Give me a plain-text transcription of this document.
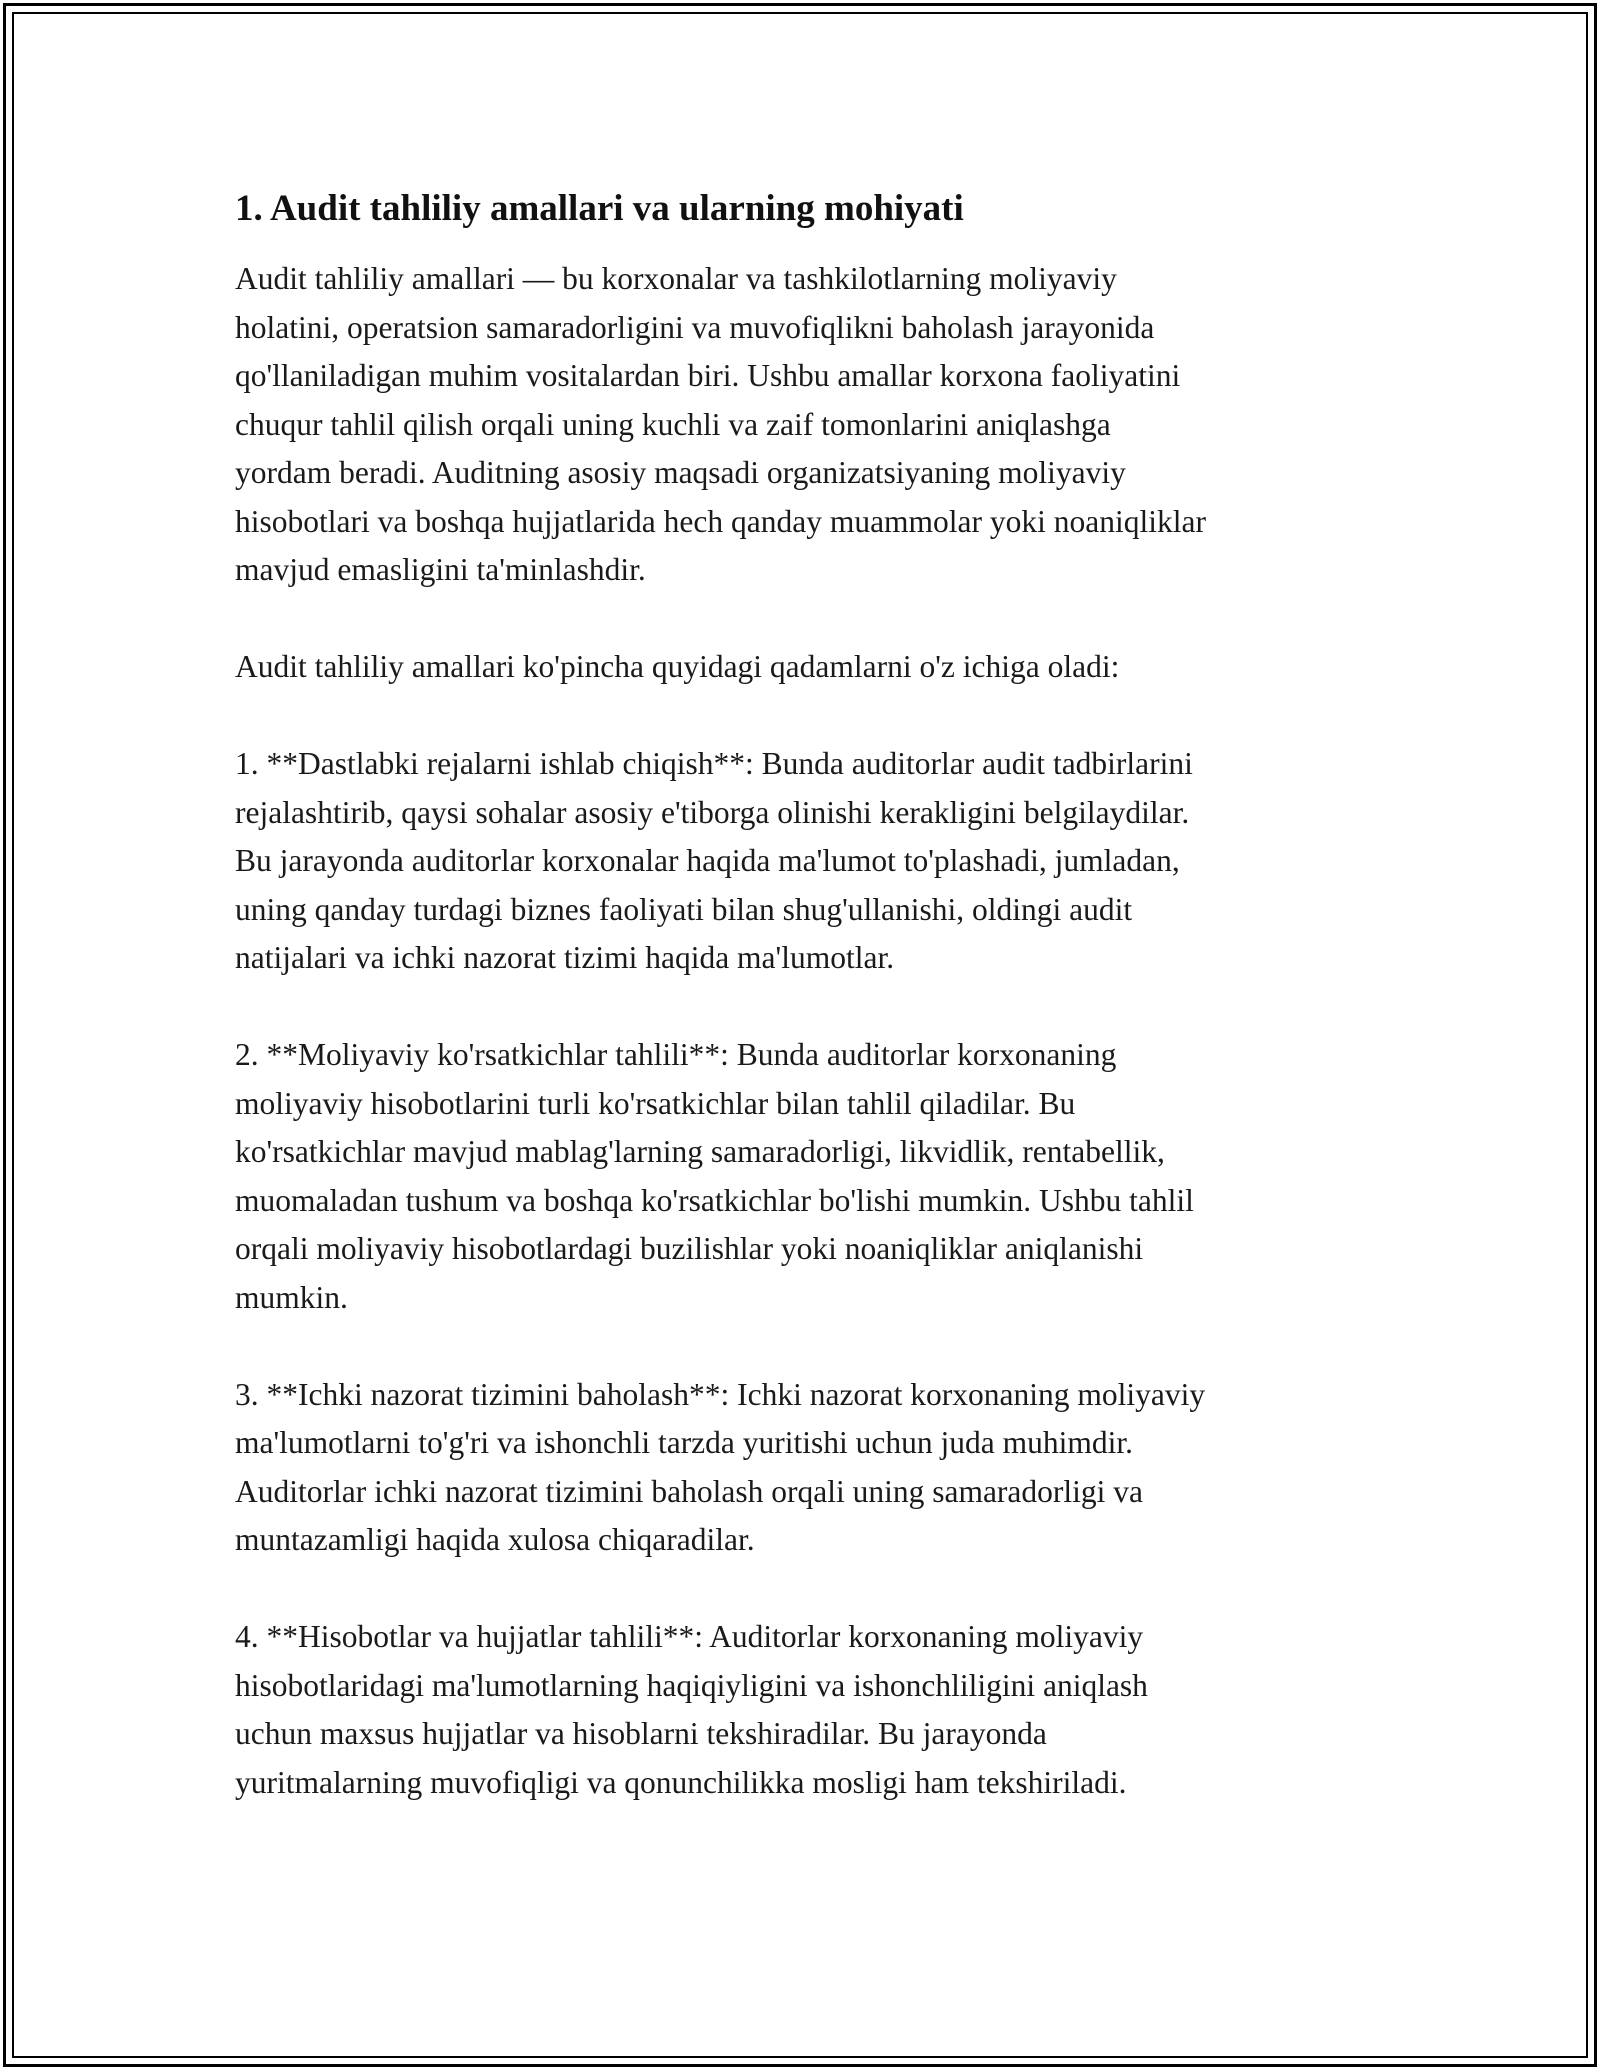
1. Audit tahliliy amallari va ularning mohiyati

Audit tahliliy amallari — bu korxonalar va tashkilotlarning moliyaviy
holatini, operatsion samaradorligini va muvofiqlikni baholash jarayonida
qo'llaniladigan muhim vositalardan biri. Ushbu amallar korxona faoliyatini
chuqur tahlil qilish orqali uning kuchli va zaif tomonlarini aniqlashga
yordam beradi. Auditning asosiy maqsadi organizatsiyaning moliyaviy
hisobotlari va boshqa hujjatlarida hech qanday muammolar yoki noaniqliklar
mavjud emasligini ta'minlashdir.

Audit tahliliy amallari ko'pincha quyidagi qadamlarni o'z ichiga oladi:

1. **Dastlabki rejalarni ishlab chiqish**: Bunda auditorlar audit tadbirlarini
rejalashtirib, qaysi sohalar asosiy e'tiborga olinishi kerakligini belgilaydilar.
Bu jarayonda auditorlar korxonalar haqida ma'lumot to'plashadi, jumladan,
uning qanday turdagi biznes faoliyati bilan shug'ullanishi, oldingi audit
natijalari va ichki nazorat tizimi haqida ma'lumotlar.

2. **Moliyaviy ko'rsatkichlar tahlili**: Bunda auditorlar korxonaning
moliyaviy hisobotlarini turli ko'rsatkichlar bilan tahlil qiladilar. Bu
ko'rsatkichlar mavjud mablag'larning samaradorligi, likvidlik, rentabellik,
muomaladan tushum va boshqa ko'rsatkichlar bo'lishi mumkin. Ushbu tahlil
orqali moliyaviy hisobotlardagi buzilishlar yoki noaniqliklar aniqlanishi
mumkin.

3. **Ichki nazorat tizimini baholash**: Ichki nazorat korxonaning moliyaviy
ma'lumotlarni to'g'ri va ishonchli tarzda yuritishi uchun juda muhimdir.
Auditorlar ichki nazorat tizimini baholash orqali uning samaradorligi va
muntazamligi haqida xulosa chiqaradilar.

4. **Hisobotlar va hujjatlar tahlili**: Auditorlar korxonaning moliyaviy
hisobotlaridagi ma'lumotlarning haqiqiyligini va ishonchliligini aniqlash
uchun maxsus hujjatlar va hisoblarni tekshiradilar. Bu jarayonda
yuritmalarning muvofiqligi va qonunchilikka mosligi ham tekshiriladi.
